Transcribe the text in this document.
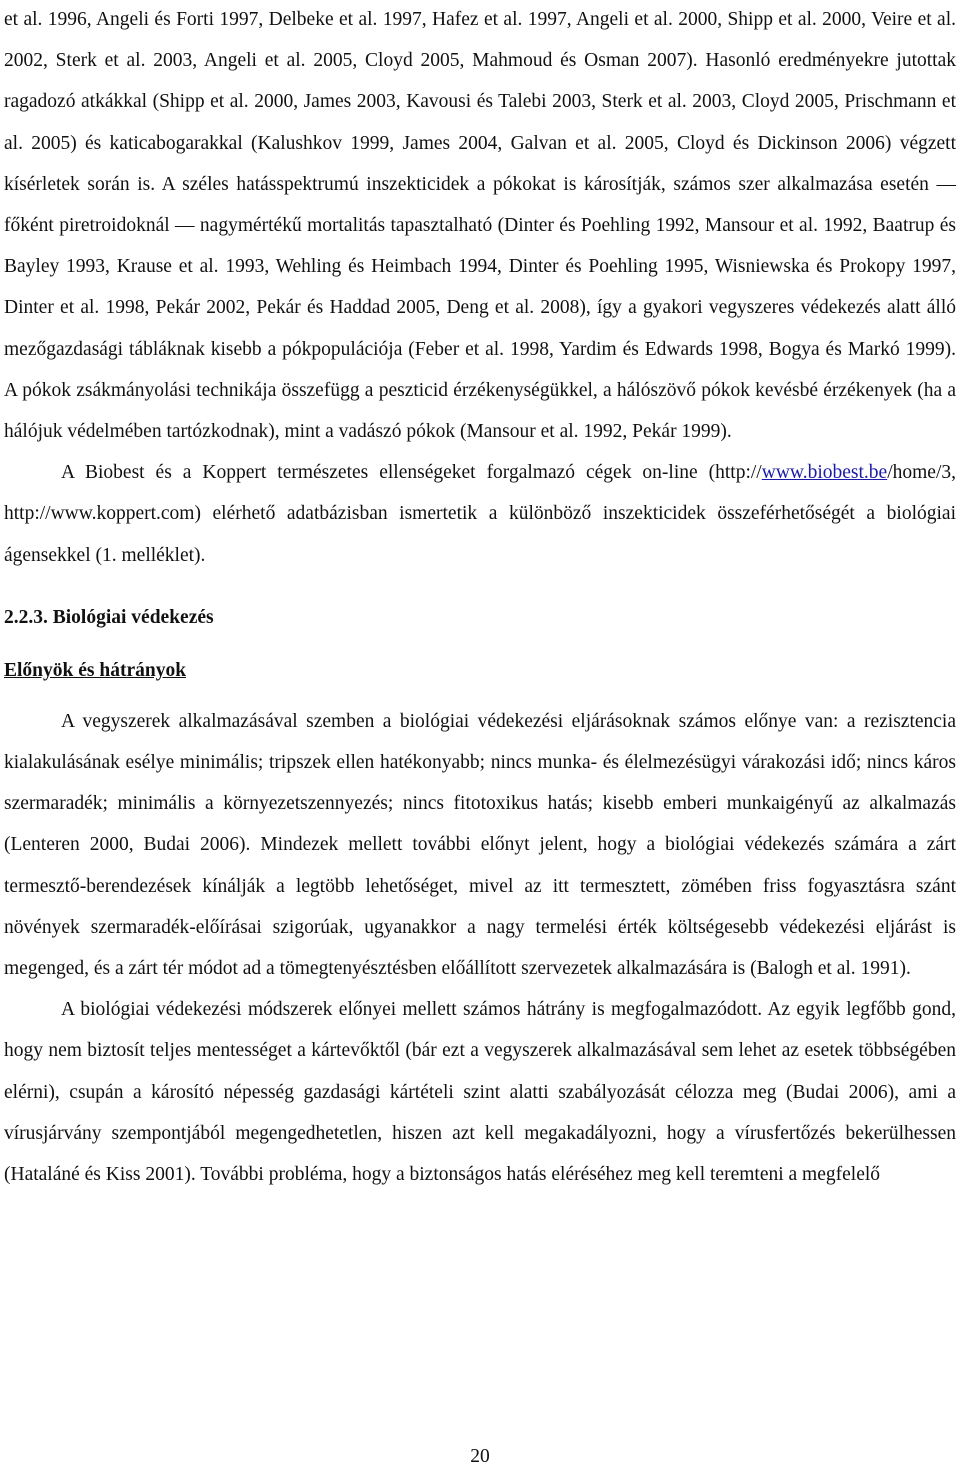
et al. 1996, Angeli és Forti 1997, Delbeke et al. 1997, Hafez et al. 1997, Angeli et al. 2000, Shipp et al. 2000, Veire et al. 2002, Sterk et al. 2003, Angeli et al. 2005, Cloyd 2005, Mahmoud és Osman 2007). Hasonló eredményekre jutottak ragadozó atkákkal (Shipp et al. 2000, James 2003, Kavousi és Talebi 2003, Sterk et al. 2003, Cloyd 2005, Prischmann et al. 2005) és katicabogarakkal (Kalushkov 1999, James 2004, Galvan et al. 2005, Cloyd és Dickinson 2006) végzett kísérletek során is. A széles hatásspektrumú inszekticidek a pókokat is károsítják, számos szer alkalmazása esetén — főként piretroidoknál — nagymértékű mortalitás tapasztalható (Dinter és Poehling 1992, Mansour et al. 1992, Baatrup és Bayley 1993, Krause et al. 1993, Wehling és Heimbach 1994, Dinter és Poehling 1995, Wisniewska és Prokopy 1997, Dinter et al. 1998, Pekár 2002, Pekár és Haddad 2005, Deng et al. 2008), így a gyakori vegyszeres védekezés alatt álló mezőgazdasági tábláknak kisebb a pókpopulációja (Feber et al. 1998, Yardim és Edwards 1998, Bogya és Markó 1999). A pókok zsákmányolási technikája összefügg a peszticid érzékenységükkel, a hálószövő pókok kevésbé érzékenyek (ha a hálójuk védelmében tartózkodnak), mint a vadászó pókok (Mansour et al. 1992, Pekár 1999).

A Biobest és a Koppert természetes ellenségeket forgalmazó cégek on-line (http://www.biobest.be/home/3, http://www.koppert.com) elérhető adatbázisban ismertetik a különböző inszekticidek összeférhetőségét a biológiai ágensekkel (1. melléklet).

2.2.3. Biológiai védekezés

Előnyök és hátrányok

A vegyszerek alkalmazásával szemben a biológiai védekezési eljárásoknak számos előnye van: a rezisztencia kialakulásának esélye minimális; tripszek ellen hatékonyabb; nincs munka- és élelmezésügyi várakozási idő; nincs káros szermaradék; minimális a környezetszennyezés; nincs fitotoxikus hatás; kisebb emberi munkaigényű az alkalmazás (Lenteren 2000, Budai 2006). Mindezek mellett további előnyt jelent, hogy a biológiai védekezés számára a zárt termesztő-berendezések kínálják a legtöbb lehetőséget, mivel az itt termesztett, zömében friss fogyasztásra szánt növények szermaradék-előírásai szigorúak, ugyanakkor a nagy termelési érték költségesebb védekezési eljárást is megenged, és a zárt tér módot ad a tömegtenyésztésben előállított szervezetek alkalmazására is (Balogh et al. 1991).

A biológiai védekezési módszerek előnyei mellett számos hátrány is megfogalmazódott. Az egyik legfőbb gond, hogy nem biztosít teljes mentességet a kártevőktől (bár ezt a vegyszerek alkalmazásával sem lehet az esetek többségében elérni), csupán a károsító népesség gazdasági kártételi szint alatti szabályozását célozza meg (Budai 2006), ami a vírusjárvány szempontjából megengedhetetlen, hiszen azt kell megakadályozni, hogy a vírusfertőzés bekerülhessen (Hataláné és Kiss 2001). További probléma, hogy a biztonságos hatás eléréséhez meg kell teremteni a megfelelő

20
